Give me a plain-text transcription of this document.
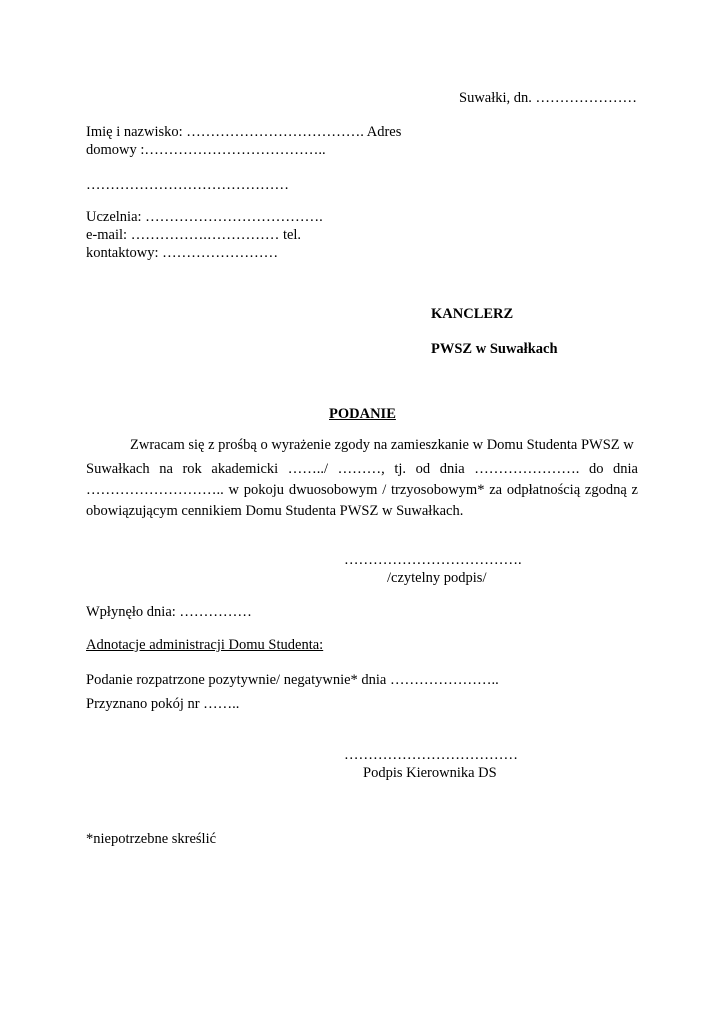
Suwałki, dn. …………………

Imię i nazwisko: ………………………………. Adres

domowy :………………………………..

……………………………………

Uczelnia: ……………………………….

e-mail: …………….…………… tel.

kontaktowy: ……………………

KANCLERZ

PWSZ w Suwałkach

PODANIE

Zwracam się z prośbą o wyrażenie zgody na zamieszkanie w Domu Studenta PWSZ w
Suwałkach na rok akademicki ……../ ………, tj. od dnia …………………. do dnia
……………………….. w pokoju dwuosobowym / trzyosobowym* za odpłatnością zgodną z
obowiązującym cennikiem Domu Studenta PWSZ w Suwałkach.

……………………………….

/czytelny podpis/

Wpłynęło dnia: ……………

Adnotacje administracji Domu Studenta:

Podanie rozpatrzone pozytywnie/ negatywnie* dnia …………………..

Przyznano pokój nr ……..

………………………………

Podpis Kierownika DS

*niepotrzebne skreślić
